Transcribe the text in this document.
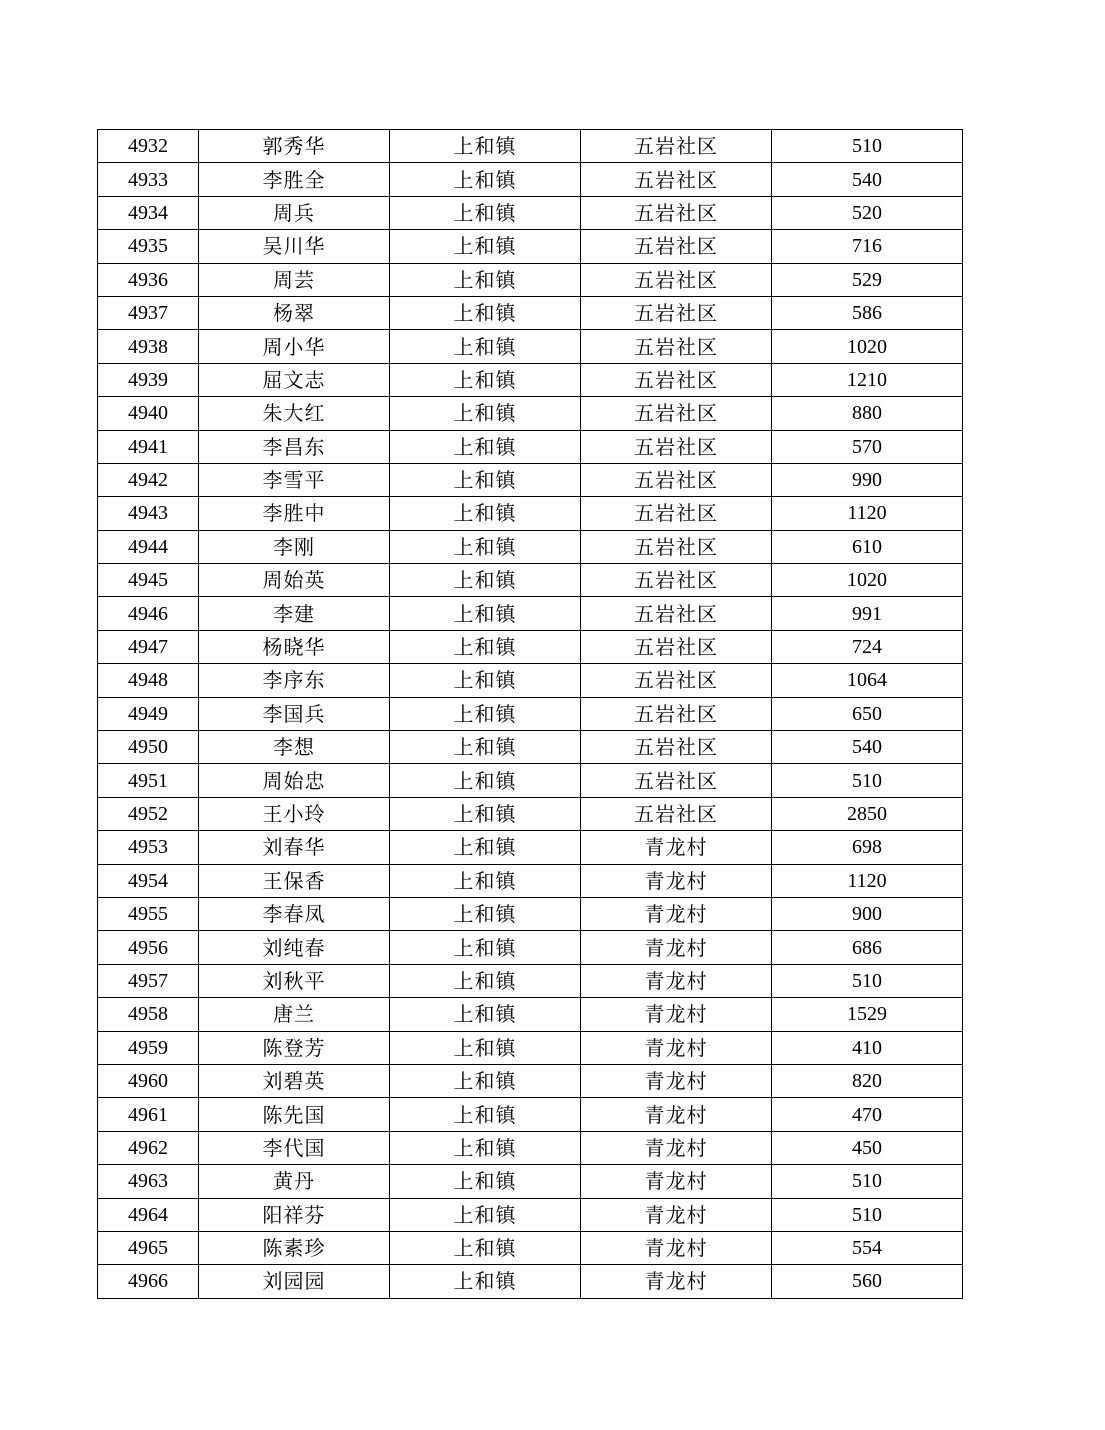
4932	郭秀华	上和镇	五岩社区	510
4933	李胜全	上和镇	五岩社区	540
4934	周兵	上和镇	五岩社区	520
4935	吴川华	上和镇	五岩社区	716
4936	周芸	上和镇	五岩社区	529
4937	杨翠	上和镇	五岩社区	586
4938	周小华	上和镇	五岩社区	1020
4939	屈文志	上和镇	五岩社区	1210
4940	朱大红	上和镇	五岩社区	880
4941	李昌东	上和镇	五岩社区	570
4942	李雪平	上和镇	五岩社区	990
4943	李胜中	上和镇	五岩社区	1120
4944	李刚	上和镇	五岩社区	610
4945	周始英	上和镇	五岩社区	1020
4946	李建	上和镇	五岩社区	991
4947	杨晓华	上和镇	五岩社区	724
4948	李序东	上和镇	五岩社区	1064
4949	李国兵	上和镇	五岩社区	650
4950	李想	上和镇	五岩社区	540
4951	周始忠	上和镇	五岩社区	510
4952	王小玲	上和镇	五岩社区	2850
4953	刘春华	上和镇	青龙村	698
4954	王保香	上和镇	青龙村	1120
4955	李春凤	上和镇	青龙村	900
4956	刘纯春	上和镇	青龙村	686
4957	刘秋平	上和镇	青龙村	510
4958	唐兰	上和镇	青龙村	1529
4959	陈登芳	上和镇	青龙村	410
4960	刘碧英	上和镇	青龙村	820
4961	陈先国	上和镇	青龙村	470
4962	李代国	上和镇	青龙村	450
4963	黄丹	上和镇	青龙村	510
4964	阳祥芬	上和镇	青龙村	510
4965	陈素珍	上和镇	青龙村	554
4966	刘园园	上和镇	青龙村	560
